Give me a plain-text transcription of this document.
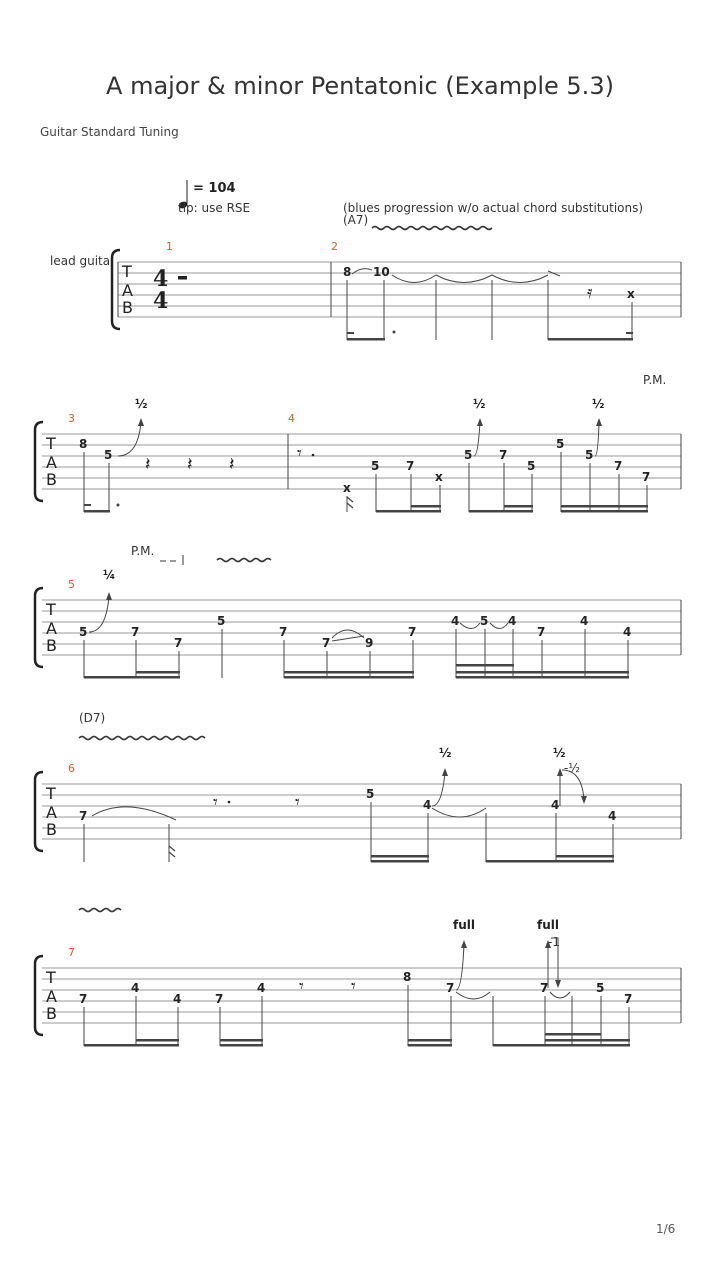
A major & minor Pentatonic (Example 5.3)
Guitar Standard Tuning
= 104
tip: use RSE	(blues progression w/o actual chord substitutions)
(A7)
(D7)
lead guita
1/6
T
A
B
4
4
1	2
8 10
x
𝄿
T
A
B
3	4
P.M.
8
5
½
𝄽 𝄽 𝄽
𝄾
x
5 7
x
5
½
7
5
5
5
½
7
7
T
A
B
5
P.M.
¼
5	7
7
5
7
7	9
7
4 5 4
7
4
4
T
A
B
6
7
𝄾	𝄾	5
4
½
4
½
-½
4
T
A
B
7
7
4
4	7
4 𝄾	𝄾	8
7
full
7
full
-1
5
7
